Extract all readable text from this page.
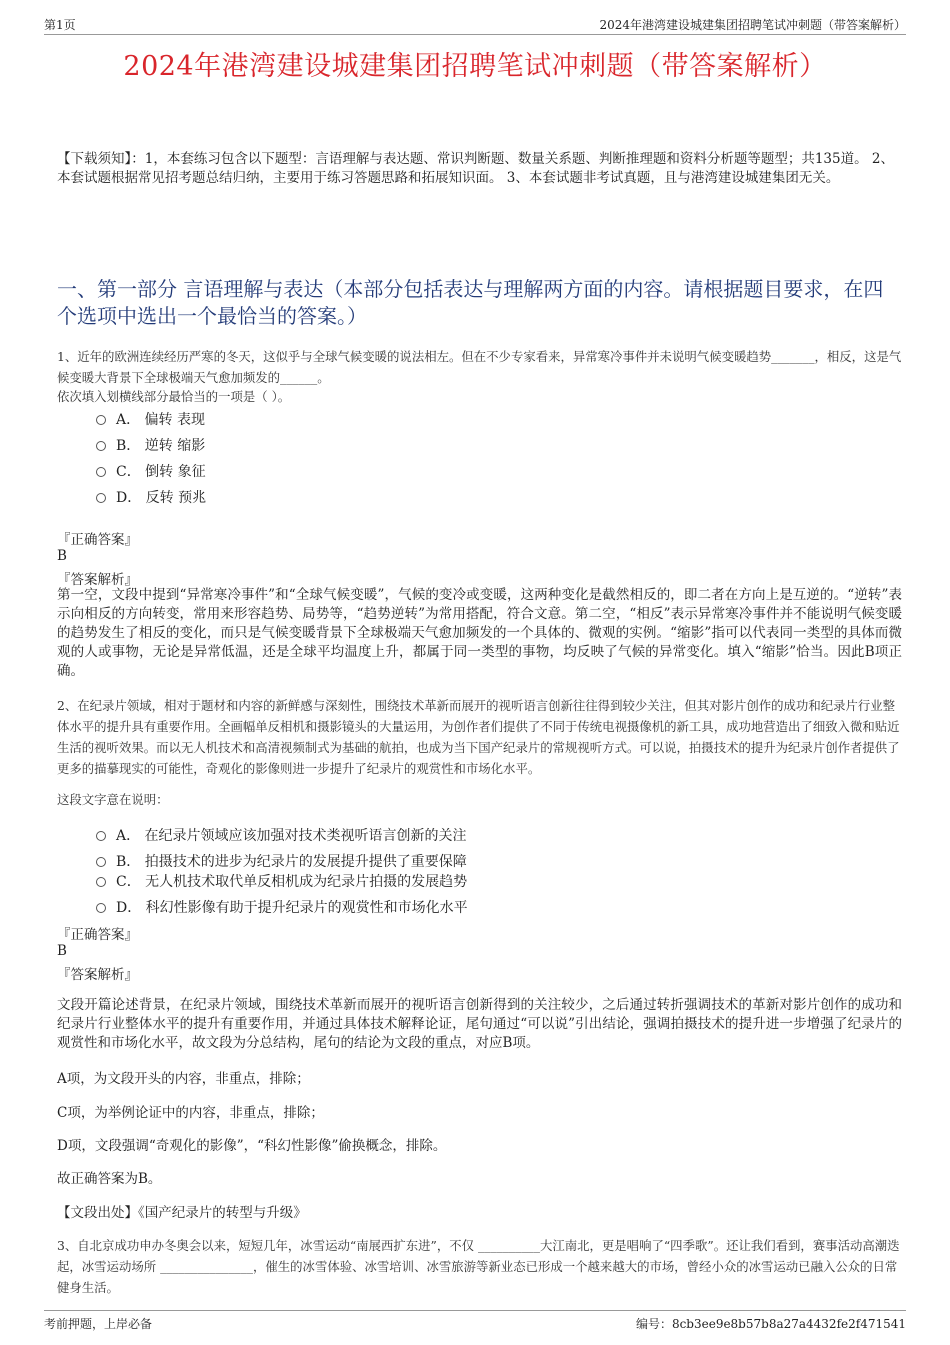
第1页	2024年港湾建设城建集团招聘笔试冲刺题（带答案解析）
2024年港湾建设城建集团招聘笔试冲刺题（带答案解析）
【下载须知】：1，本套练习包含以下题型：言语理解与表达题、常识判断题、数量关系题、判断推理题和资料分析题等题型；共135道。 2、本套试题根据常见招考题总结归纳，主要用于练习答题思路和拓展知识面。 3、本套试题非考试真题，且与港湾建设城建集团无关。
一、第一部分 言语理解与表达（本部分包括表达与理解两方面的内容。请根据题目要求，在四个选项中选出一个最恰当的答案。）
1、近年的欧洲连续经历严寒的冬天，这似乎与全球气候变暖的说法相左。但在不少专家看来，异常寒冷事件并未说明气候变暖趋势_______，相反，这是气候变暖大背景下全球极端天气愈加频发的______。
依次填入划横线部分最恰当的一项是（ ）。
A． 偏转 表现
B． 逆转 缩影
C． 倒转 象征
D． 反转 预兆
『正确答案』
B
『答案解析』
第一空，文段中提到“异常寒冷事件”和“全球气候变暖”，气候的变冷或变暖，这两种变化是截然相反的，即二者在方向上是互逆的。“逆转”表示向相反的方向转变，常用来形容趋势、局势等，“趋势逆转”为常用搭配，符合文意。第二空，“相反”表示异常寒冷事件并不能说明气候变暖的趋势发生了相反的变化，而只是气候变暖背景下全球极端天气愈加频发的一个具体的、微观的实例。“缩影”指可以代表同一类型的具体而微观的人或事物，无论是异常低温，还是全球平均温度上升，都属于同一类型的事物，均反映了气候的异常变化。填入“缩影”恰当。因此B项正确。
2、在纪录片领域，相对于题材和内容的新鲜感与深刻性，围绕技术革新而展开的视听语言创新往往得到较少关注，但其对影片创作的成功和纪录片行业整体水平的提升具有重要作用。全画幅单反相机和摄影镜头的大量运用，为创作者们提供了不同于传统电视摄像机的新工具，成功地营造出了细致入微和贴近生活的视听效果。而以无人机技术和高清视频制式为基础的航拍，也成为当下国产纪录片的常规视听方式。可以说，拍摄技术的提升为纪录片创作者提供了更多的描摹现实的可能性，奇观化的影像则进一步提升了纪录片的观赏性和市场化水平。
这段文字意在说明：
A． 在纪录片领域应该加强对技术类视听语言创新的关注
B． 拍摄技术的进步为纪录片的发展提升提供了重要保障
C． 无人机技术取代单反相机成为纪录片拍摄的发展趋势
D． 科幻性影像有助于提升纪录片的观赏性和市场化水平
『正确答案』
B
『答案解析』
文段开篇论述背景，在纪录片领域，围绕技术革新而展开的视听语言创新得到的关注较少，之后通过转折强调技术的革新对影片创作的成功和纪录片行业整体水平的提升有重要作用，并通过具体技术解释论证，尾句通过“可以说”引出结论，强调拍摄技术的提升进一步增强了纪录片的观赏性和市场化水平，故文段为分总结构，尾句的结论为文段的重点，对应B项。
A项，为文段开头的内容，非重点，排除；
C项，为举例论证中的内容，非重点，排除；
D项，文段强调“奇观化的影像”，“科幻性影像”偷换概念，排除。
故正确答案为B。
【文段出处】《国产纪录片的转型与升级》
3、自北京成功申办冬奥会以来，短短几年，冰雪运动“南展西扩东进”，不仅 __________大江南北，更是唱响了“四季歌”。还让我们看到，赛事活动高潮迭起，冰雪运动场所 _______________，催生的冰雪体验、冰雪培训、冰雪旅游等新业态已形成一个越来越大的市场，曾经小众的冰雪运动已融入公众的日常健身生活。
考前押题，上岸必备	编号：8cb3ee9e8b57b8a27a4432fe2f471541
